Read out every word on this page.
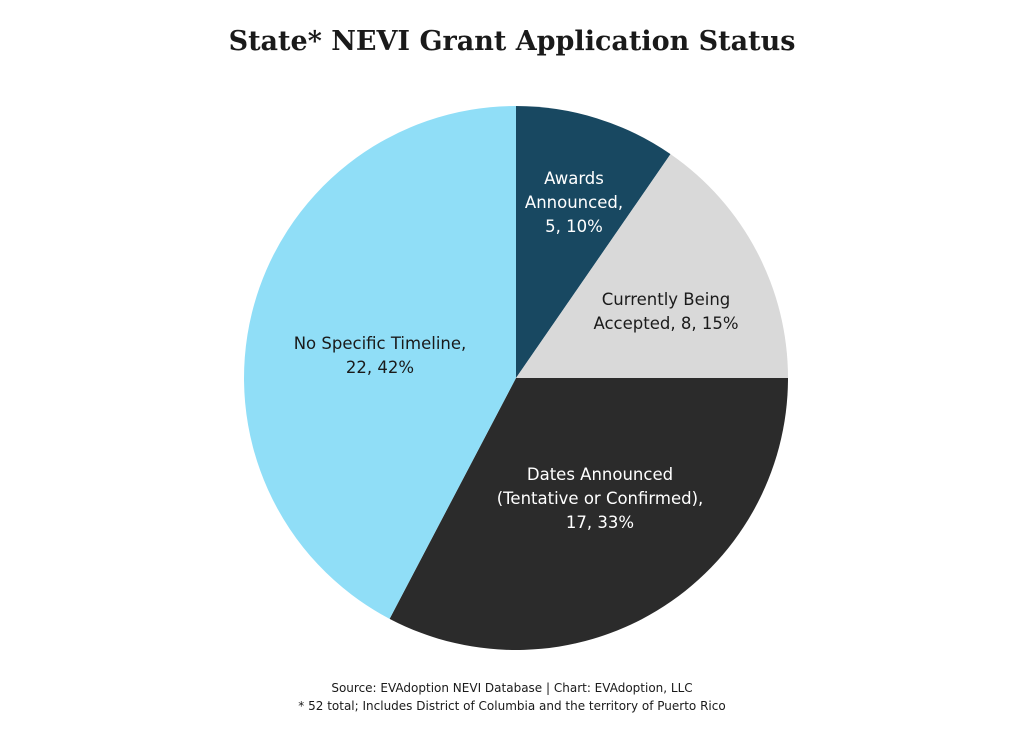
State* NEVI Grant Application Status
Awards Announced, 5, 10%
Currently Being Accepted, 8, 15%
Dates Announced (Tentative or Confirmed), 17, 33%
No Specific Timeline, 22, 42%
Source: EVAdoption NEVI Database | Chart: EVAdoption, LLC
* 52 total; Includes District of Columbia and the territory of Puerto Rico
